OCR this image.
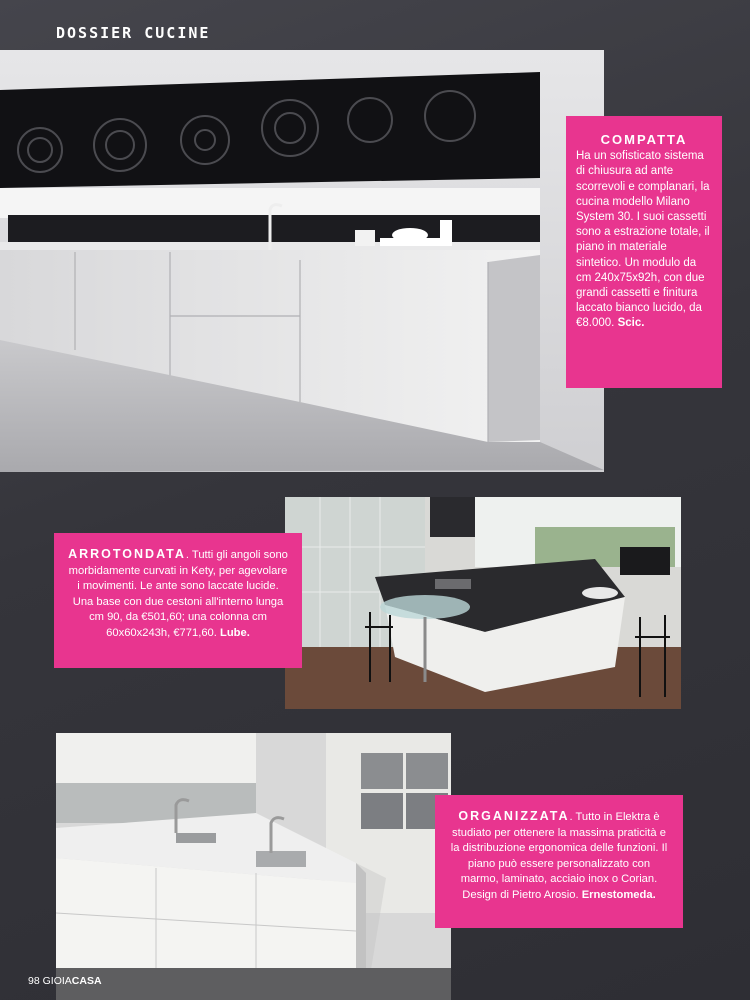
DOSSIER CUCINE
COMPATTA
Ha un sofisticato sistema di chiusura ad ante scorrevoli e complanari, la cucina modello Milano System 30. I suoi cassetti sono a estrazione totale, il piano in materiale sintetico. Un modulo da cm 240x75x92h, con due grandi cassetti e finitura laccato bianco lucido, da €8.000. Scic.
ARROTONDATA. Tutti gli angoli sono morbidamente curvati in Kety, per agevolare i movimenti. Le ante sono laccate lucide. Una base con due cestoni all'interno lunga cm 90, da €501,60; una colonna cm 60x60x243h, €771,60. Lube.
ORGANIZZATA. Tutto in Elektra è studiato per ottenere la massima praticità e la distribuzione ergonomica delle funzioni. Il piano può essere personalizzato con marmo, laminato, acciaio inox o Corian. Design di Pietro Arosio. Ernestomeda.
98 GIOIACASA
